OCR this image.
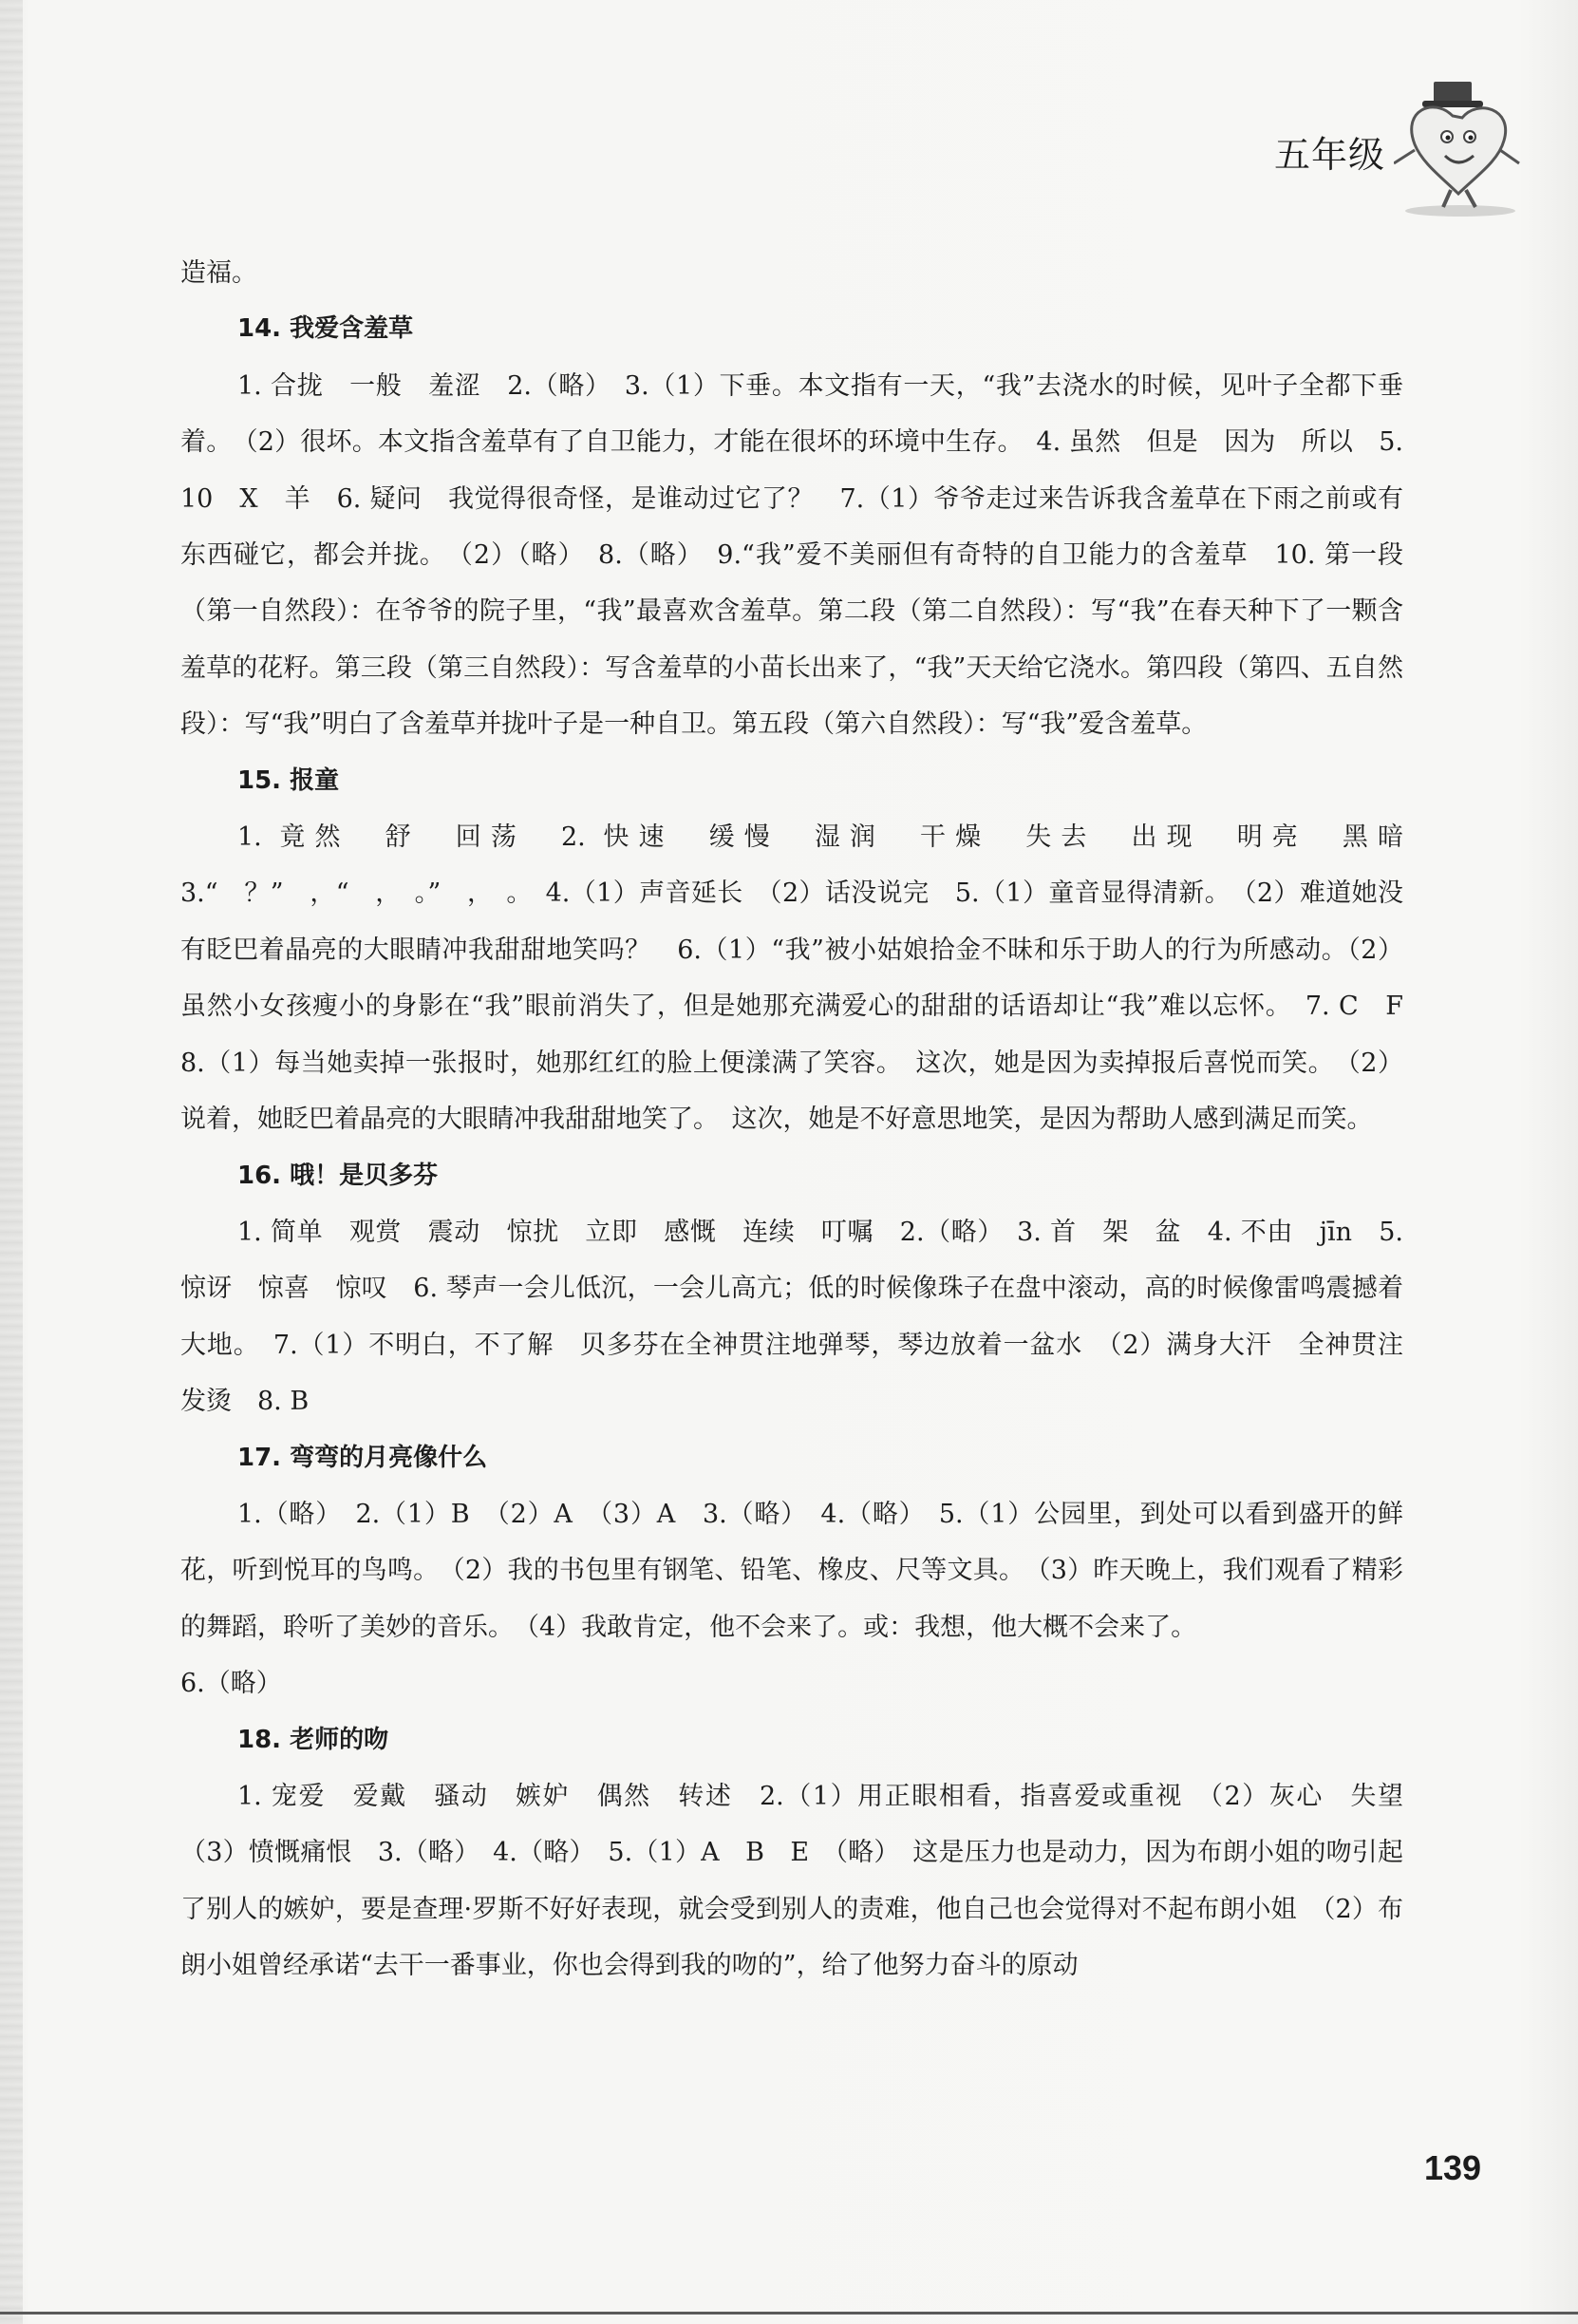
五年级

造福。

14. 我爱含羞草

1. 合拢　一般　羞涩　2.（略）　3.（1）下垂。本文指有一天，“我”去浇水的时候，见叶子全都下垂着。　（2）很坏。本文指含羞草有了自卫能力，才能在很坏的环境中生存。　4. 虽然　但是　因为　所以　5. 10　X　羊　6. 疑问　我觉得很奇怪，是谁动过它了？　7.（1）爷爷走过来告诉我含羞草在下雨之前或有东西碰它，都会并拢。　（2）（略）　8.（略）　9.“我”爱不美丽但有奇特的自卫能力的含羞草　10. 第一段（第一自然段）：在爷爷的院子里，“我”最喜欢含羞草。第二段（第二自然段）：写“我”在春天种下了一颗含羞草的花籽。第三段（第三自然段）：写含羞草的小苗长出来了，“我”天天给它浇水。第四段（第四、五自然段）：写“我”明白了含羞草并拢叶子是一种自卫。第五段（第六自然段）：写“我”爱含羞草。

15. 报童

1. 竟然　舒　回荡　2. 快速　缓慢　湿润　干燥　失去　出现　明亮　黑暗　3.“　？”　，“　，　。”　，　。　4.（1）声音延长　（2）话没说完　5.（1）童音显得清新。　（2）难道她没有眨巴着晶亮的大眼睛冲我甜甜地笑吗？　6.（1）“我”被小姑娘拾金不昧和乐于助人的行为所感动。（2）虽然小女孩瘦小的身影在“我”眼前消失了，但是她那充满爱心的甜甜的话语却让“我”难以忘怀。　7. C　F　8.（1）每当她卖掉一张报时，她那红红的脸上便漾满了笑容。　这次，她是因为卖掉报后喜悦而笑。　（2）说着，她眨巴着晶亮的大眼睛冲我甜甜地笑了。　这次，她是不好意思地笑，是因为帮助人感到满足而笑。

16. 哦！是贝多芬

1. 简单　观赏　震动　惊扰　立即　感慨　连续　叮嘱　2.（略）　3. 首　架　盆　4. 不由　jīn　5. 惊讶　惊喜　惊叹　6. 琴声一会儿低沉，一会儿高亢；低的时候像珠子在盘中滚动，高的时候像雷鸣震撼着大地。　7.（1）不明白，不了解　贝多芬在全神贯注地弹琴，琴边放着一盆水　（2）满身大汗　全神贯注　发烫　8. B

17. 弯弯的月亮像什么

1.（略）　2.（1）B　（2）A　（3）A　3.（略）　4.（略）　5.（1）公园里，到处可以看到盛开的鲜花，听到悦耳的鸟鸣。　（2）我的书包里有钢笔、铅笔、橡皮、尺等文具。　（3）昨天晚上，我们观看了精彩的舞蹈，聆听了美妙的音乐。　（4）我敢肯定，他不会来了。或：我想，他大概不会来了。

6.（略）

18. 老师的吻

1. 宠爱　爱戴　骚动　嫉妒　偶然　转述　2.（1）用正眼相看，指喜爱或重视　（2）灰心　失望　（3）愤慨痛恨　3.（略）　4.（略）　5.（1）A　B　E　（略）　这是压力也是动力，因为布朗小姐的吻引起了别人的嫉妒，要是查理·罗斯不好好表现，就会受到别人的责难，他自己也会觉得对不起布朗小姐　（2）布朗小姐曾经承诺“去干一番事业，你也会得到我的吻的”，给了他努力奋斗的原动

139
